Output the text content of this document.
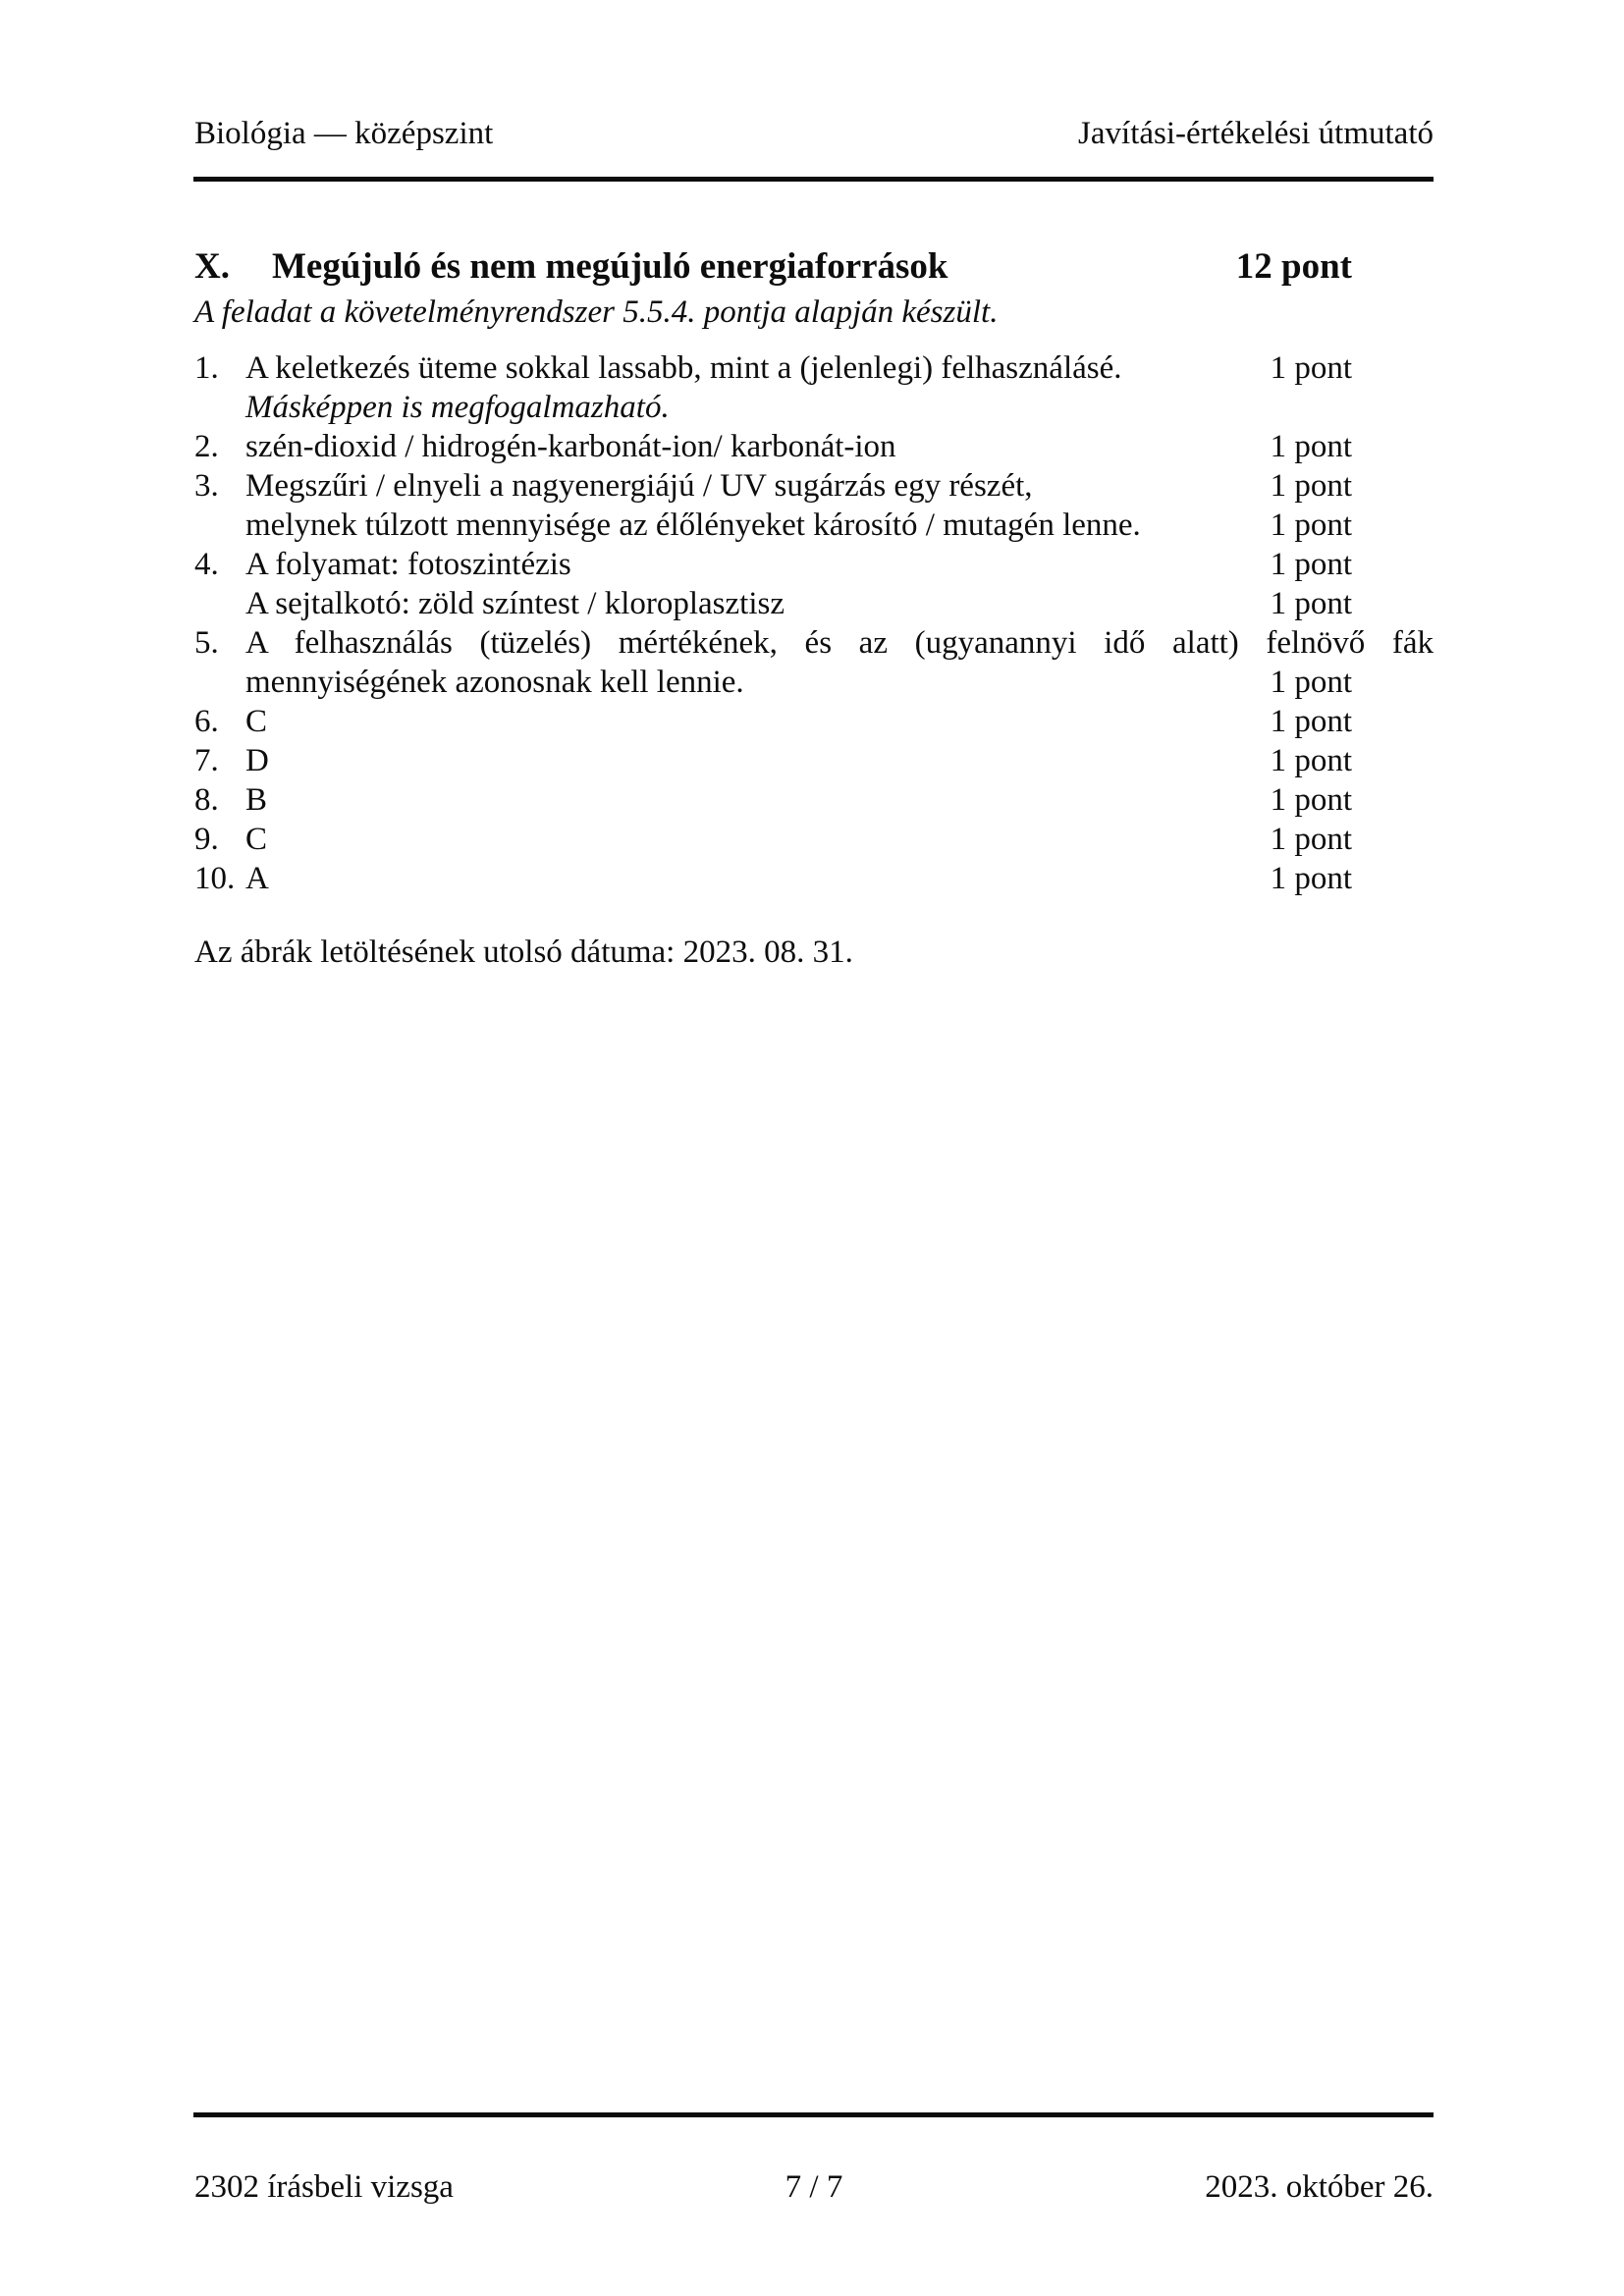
Biológia — középszint	Javítási-értékelési útmutató
X. Megújuló és nem megújuló energiaforrások	12 pont
A feladat a követelményrendszer 5.5.4. pontja alapján készült.
1. A keletkezés üteme sokkal lassabb, mint a (jelenlegi) felhasználásé.	1 pont
Másképpen is megfogalmazható.
2. szén-dioxid / hidrogén-karbonát-ion/ karbonát-ion	1 pont
3. Megszűri / elnyeli a nagyenergiájú / UV sugárzás egy részét,	1 pont
melynek túlzott mennyisége az élőlényeket károsító / mutagén lenne.	1 pont
4. A folyamat: fotoszintézis	1 pont
A sejtalkotó: zöld színtest / kloroplasztisz	1 pont
5. A felhasználás (tüzelés) mértékének, és az (ugyanannyi idő alatt) felnövő fák
mennyiségének azonosnak kell lennie.	1 pont
6. C	1 pont
7. D	1 pont
8. B	1 pont
9. C	1 pont
10. A	1 pont
Az ábrák letöltésének utolsó dátuma: 2023. 08. 31.
2302 írásbeli vizsga	7 / 7	2023. október 26.
